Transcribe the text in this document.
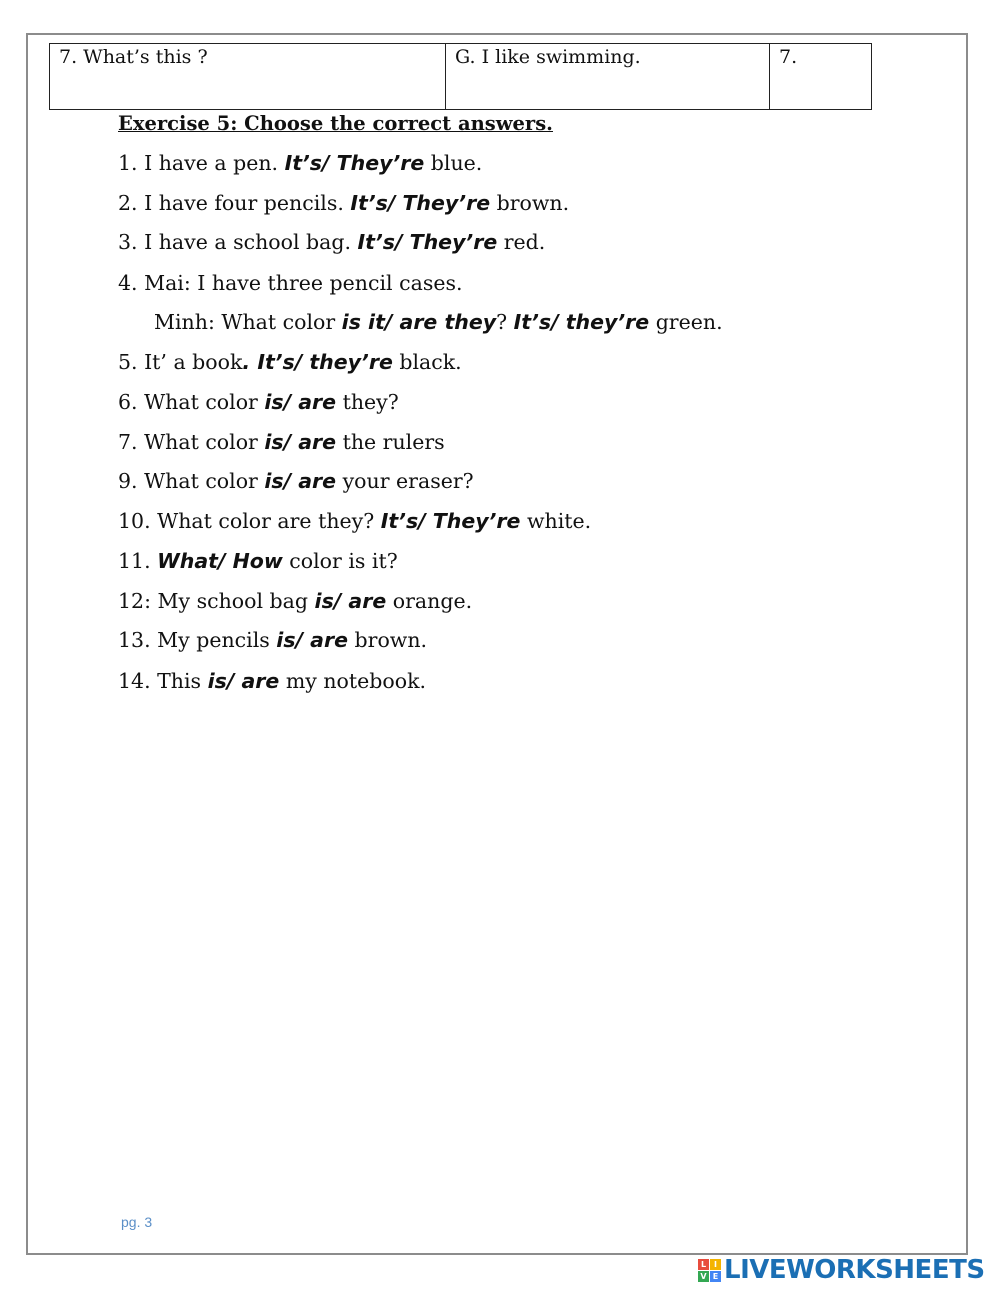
7. What’s this ?	G. I like swimming.	7.
Exercise 5: Choose the correct answers.
1. I have a pen. It’s/ They’re blue.
2. I have four pencils. It’s/ They’re brown.
3. I have a school bag. It’s/ They’re red.
4. Mai: I have three pencil cases.
Minh: What color is it/ are they? It’s/ they’re green.
5. It’ a book. It’s/ they’re black.
6. What color is/ are they?
7. What color is/ are the rulers
9. What color is/ are your eraser?
10. What color are they? It’s/ They’re white.
11. What/ How color is it?
12: My school bag is/ are orange.
13. My pencils is/ are brown.
14. This is/ are my notebook.
pg. 3
L I
V E LIVEWORKSHEETS
